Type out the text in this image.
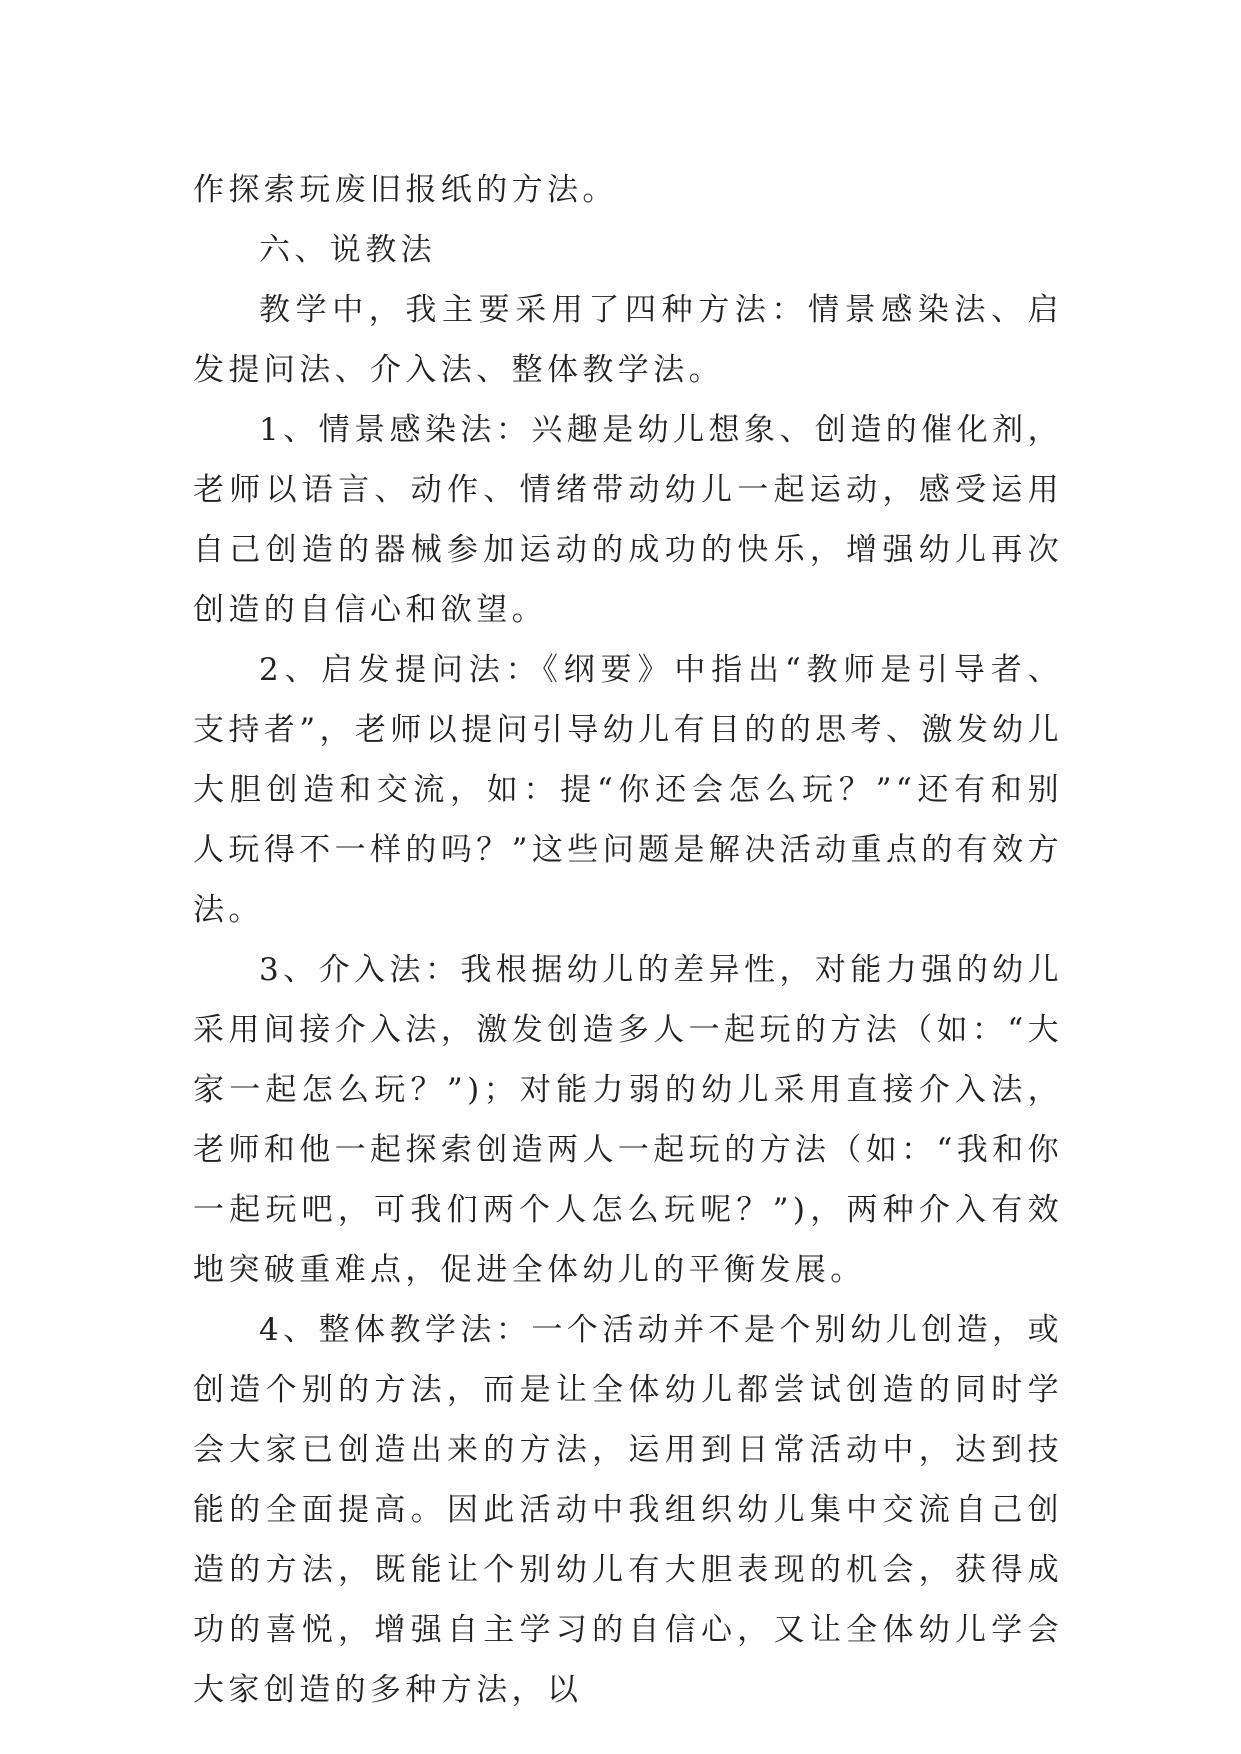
作探索玩废旧报纸的方法。

六、说教法

教学中，我主要采用了四种方法：情景感染法、启发提问法、介入法、整体教学法。

1、情景感染法：兴趣是幼儿想象、创造的催化剂，老师以语言、动作、情绪带动幼儿一起运动，感受运用自己创造的器械参加运动的成功的快乐，增强幼儿再次创造的自信心和欲望。

2、启发提问法：《纲要》中指出“教师是引导者、支持者”，老师以提问引导幼儿有目的的思考、激发幼儿大胆创造和交流，如：提“你还会怎么玩？”“还有和别人玩得不一样的吗？”这些问题是解决活动重点的有效方法。

3、介入法：我根据幼儿的差异性，对能力强的幼儿采用间接介入法，激发创造多人一起玩的方法（如：“大家一起怎么玩？”)；对能力弱的幼儿采用直接介入法，老师和他一起探索创造两人一起玩的方法（如：“我和你一起玩吧，可我们两个人怎么玩呢？”)，两种介入有效地突破重难点，促进全体幼儿的平衡发展。

4、整体教学法：一个活动并不是个别幼儿创造，或创造个别的方法，而是让全体幼儿都尝试创造的同时学会大家已创造出来的方法，运用到日常活动中，达到技能的全面提高。因此活动中我组织幼儿集中交流自己创造的方法，既能让个别幼儿有大胆表现的机会，获得成功的喜悦，增强自主学习的自信心，又让全体幼儿学会大家创造的多种方法，以
